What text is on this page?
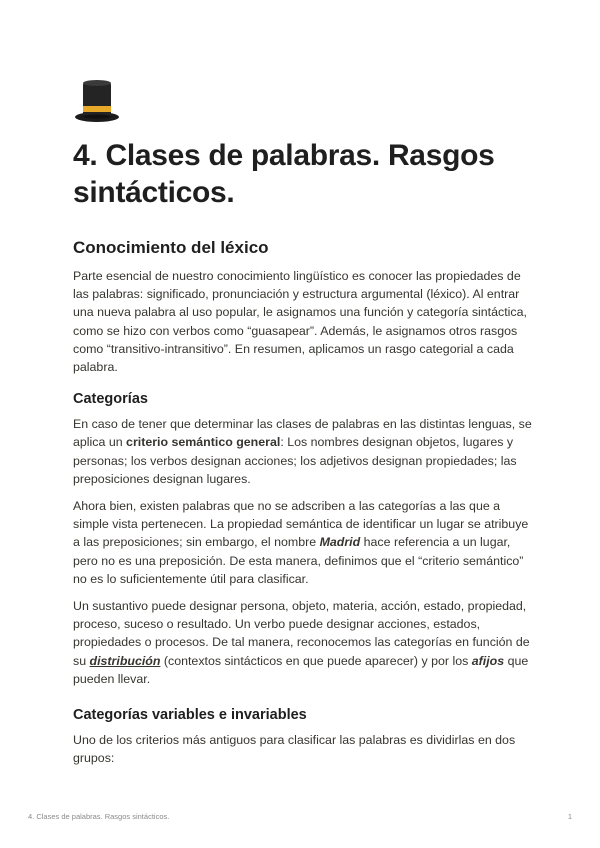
4. Clases de palabras. Rasgos sintácticos.
Conocimiento del léxico

Parte esencial de nuestro conocimiento lingüístico es conocer las propiedades de las palabras: significado, pronunciación y estructura argumental (léxico). Al entrar una nueva palabra al uso popular, le asignamos una función y categoría sintáctica, como se hizo con verbos como “guasapear”. Además, le asignamos otros rasgos como “transitivo-intransitivo”. En resumen, aplicamos un rasgo categorial a cada palabra.

Categorías

En caso de tener que determinar las clases de palabras en las distintas lenguas, se aplica un criterio semántico general: Los nombres designan objetos, lugares y personas; los verbos designan acciones; los adjetivos designan propiedades; las preposiciones designan lugares.

Ahora bien, existen palabras que no se adscriben a las categorías a las que a simple vista pertenecen. La propiedad semántica de identificar un lugar se atribuye a las preposiciones; sin embargo, el nombre Madrid hace referencia a un lugar, pero no es una preposición. De esta manera, definimos que el “criterio semántico” no es lo suficientemente útil para clasificar.

Un sustantivo puede designar persona, objeto, materia, acción, estado, propiedad, proceso, suceso o resultado. Un verbo puede designar acciones, estados, propiedades o procesos. De tal manera, reconocemos las categorías en función de su distribución (contextos sintácticos en que puede aparecer) y por los afijos que pueden llevar.

Categorías variables e invariables

Uno de los criterios más antiguos para clasificar las palabras es dividirlas en dos grupos:

4. Clases de palabras. Rasgos sintácticos.	1
